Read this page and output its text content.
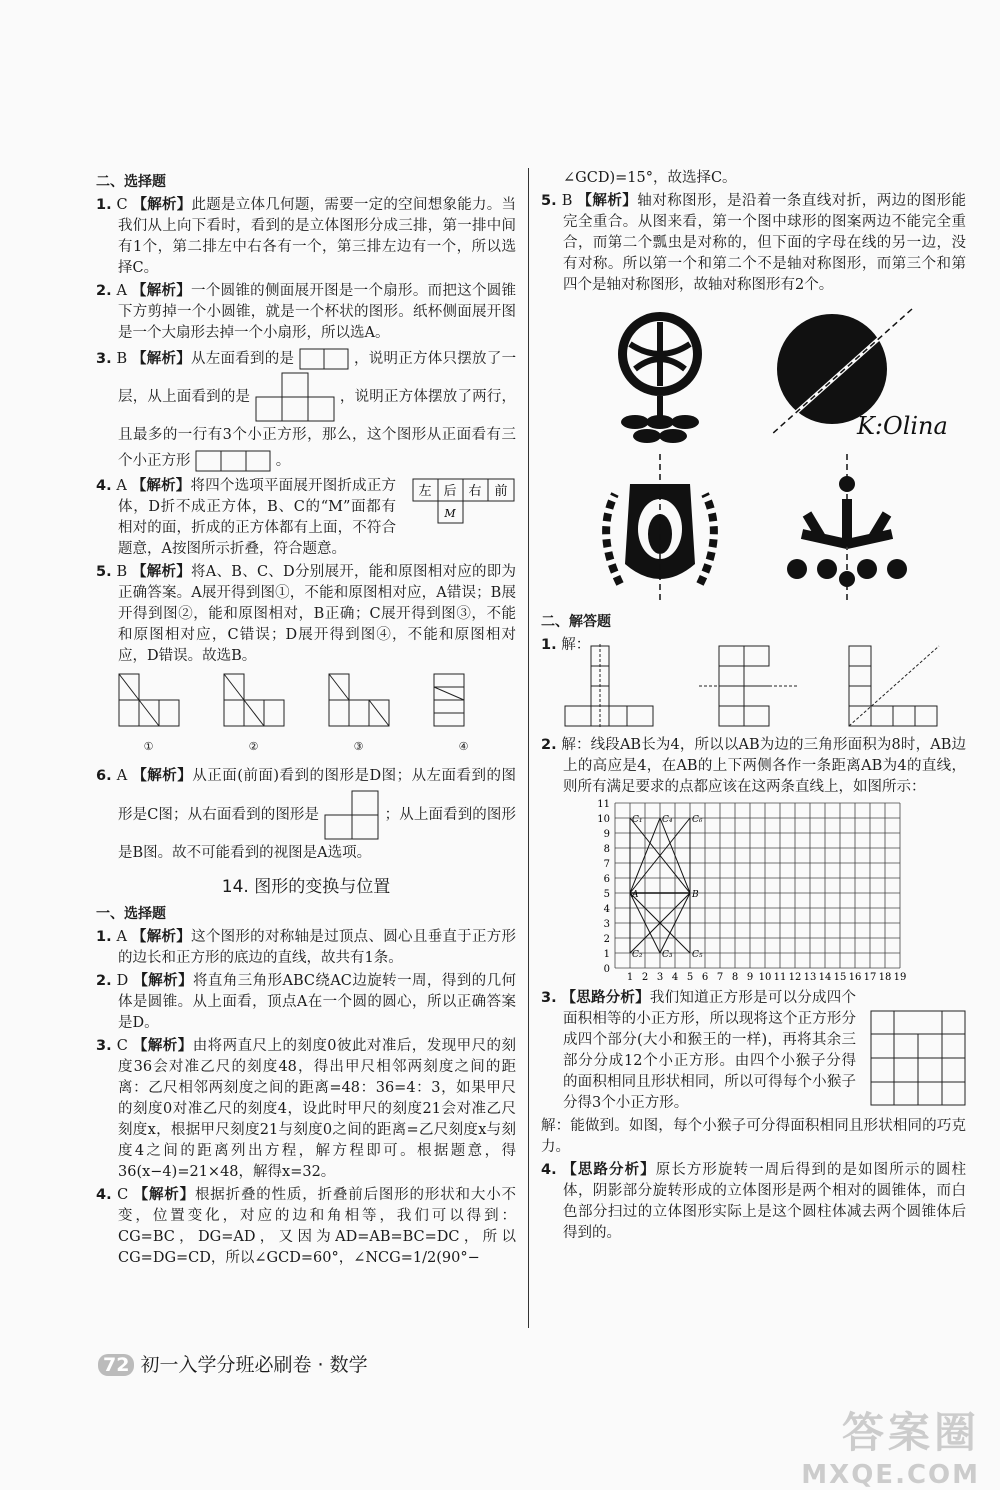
二、选择题
1. C 【解析】此题是立体几何题，需要一定的空间想象能力。当我们从上向下看时，看到的是立体图形分成三排，第一排中间有1个，第二排左中右各有一个，第三排左边有一个，所以选择C。
2. A 【解析】一个圆锥的侧面展开图是一个扇形。而把这个圆锥下方剪掉一个小圆锥，就是一个杯状的图形。纸杯侧面展开图是一个大扇形去掉一个小扇形，所以选A。
3. B 【解析】从左面看到的是	，说明正方体只摆放了一层，从上面看到的是	，说明正方体摆放了两行，且最多的一行有3个小正方形，那么，这个图形从正面看有三个小正方形	。
4. A 【解析】将四个选项平面展开图折成正方体，D折不成正方体，B、C的“M”面都有相对的面，折成的正方体都有上面，不符合题意，A按图所示折叠，符合题意。
左 后 右 前
M
5. B 【解析】将A、B、C、D分别展开，能和原图相对应的即为正确答案。A展开得到图①，不能和原图相对应，A错误；B展开得到图②，能和原图相对，B正确；C展开得到图③，不能和原图相对应，C错误；D展开得到图④，不能和原图相对应，D错误。故选B。
①	②	③	④
6. A 【解析】从正面(前面)看到的图形是D图；从左面看到的图形是C图；从右面看到的图形是	；从上面看到的图形是B图。故不可能看到的视图是A选项。
14. 图形的变换与位置
一、选择题
1. A 【解析】这个图形的对称轴是过顶点、圆心且垂直于正方形的边长和正方形的底边的直线，故共有1条。
2. D 【解析】将直角三角形ABC绕AC边旋转一周，得到的几何体是圆锥。从上面看，顶点A在一个圆的圆心，所以正确答案是D。
3. C 【解析】由将两直尺上的刻度0彼此对准后，发现甲尺的刻度36会对准乙尺的刻度48，得出甲尺相邻两刻度之间的距离：乙尺相邻两刻度之间的距离=48：36=4：3，如果甲尺的刻度0对准乙尺的刻度4，设此时甲尺的刻度21会对准乙尺刻度x，根据甲尺刻度21与刻度0之间的距离=乙尺刻度x与刻度4之间的距离列出方程，解方程即可。根据题意，得36(x−4)=21×48，解得x=32。
4. C 【解析】根据折叠的性质，折叠前后图形的形状和大小不变，位置变化，对应的边和角相等，我们可以得到：CG=BC，DG=AD，又因为AD=AB=BC=DC，所以CG=DG=CD，所以∠GCD=60°，∠NCG=1/2(90°−
∠GCD)=15°，故选择C。
5. B 【解析】轴对称图形，是沿着一条直线对折，两边的图形能完全重合。从图来看，第一个图中球形的图案两边不能完全重合，而第二个瓢虫是对称的，但下面的字母在线的另一边，没有对称。所以第一个和第二个不是轴对称图形，而第三个和第四个是轴对称图形，故轴对称图形有2个。
K:Olina
二、解答题
1. 解：
2. 解：线段AB长为4，所以以AB为边的三角形面积为8时，AB边上的高应是4，在AB的上下两侧各作一条距离AB为4的直线，则所有满足要求的点都应该在这两条直线上，如图所示：
0
1
2
3
4
5
6
7
8
9
10
11
1 2 3 4 5 6 7 8 9 10 11 12 13 14 15 16 17 18 19
C₁
C₂ C₃
C₄
C₅
C₆
A	B
3. 【思路分析】我们知道正方形是可以分成四个面积相等的小正方形，所以现将这个正方形分成四个部分(大小和猴王的一样)，再将其余三部分分成12个小正方形。由四个小猴子分得的面积相同且形状相同，所以可得每个小猴子分得3个小正方形。
解：能做到。如图，每个小猴子可分得面积相同且形状相同的巧克力。
4. 【思路分析】原长方形旋转一周后得到的是如图所示的圆柱体，阴影部分旋转形成的立体图形是两个相对的圆锥体，而白色部分扫过的立体图形实际上是这个圆柱体减去两个圆锥体后得到的。
72 初一入学分班必刷卷 · 数学
答案圈
MXQE.COM
